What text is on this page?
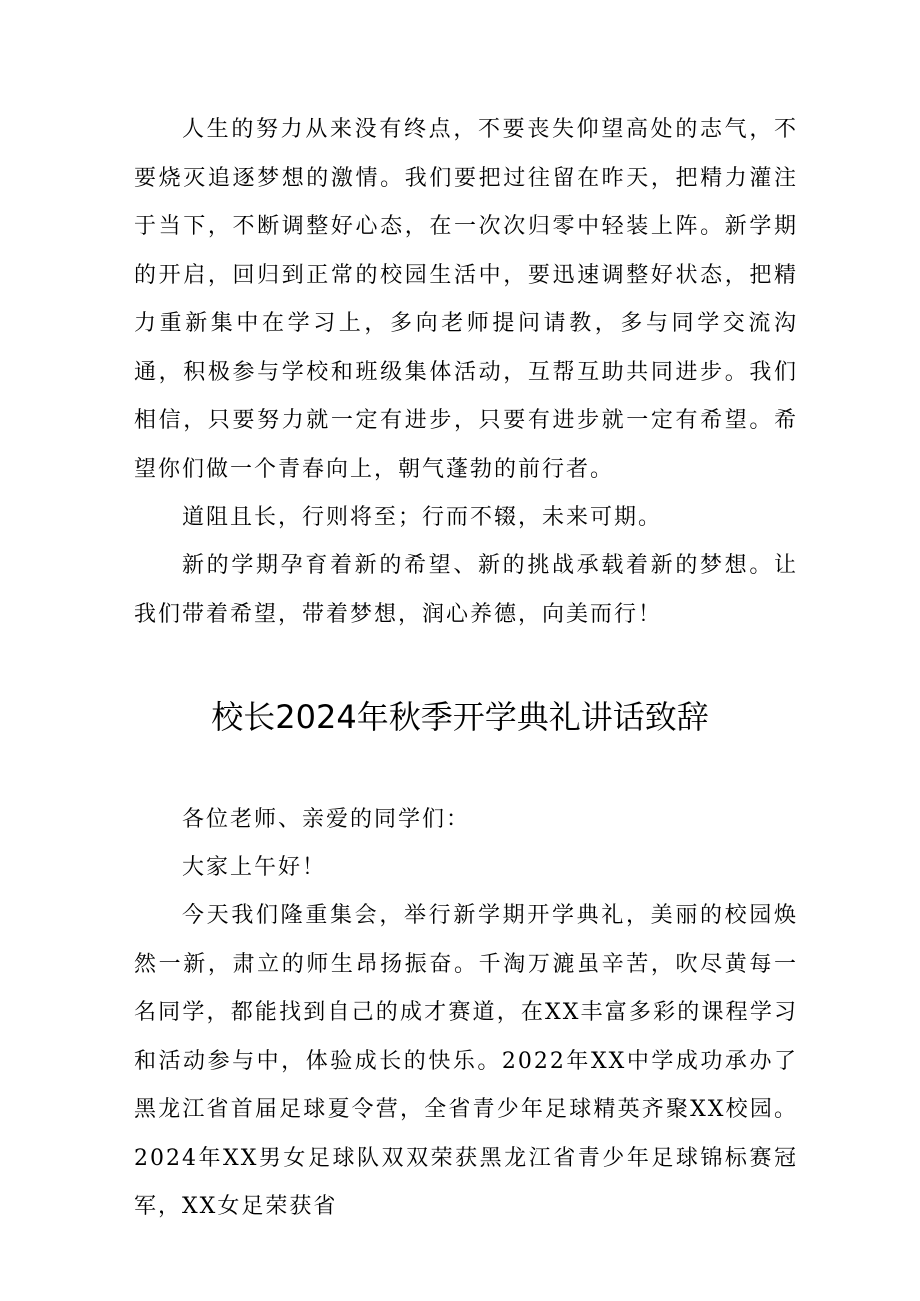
人生的努力从来没有终点，不要丧失仰望高处的志气，不要烧灭追逐梦想的激情。我们要把过往留在昨天，把精力灌注于当下，不断调整好心态，在一次次归零中轻装上阵。新学期的开启，回归到正常的校园生活中，要迅速调整好状态，把精力重新集中在学习上，多向老师提问请教，多与同学交流沟通，积极参与学校和班级集体活动，互帮互助共同进步。我们相信，只要努力就一定有进步，只要有进步就一定有希望。希望你们做一个青春向上，朝气蓬勃的前行者。

道阻且长，行则将至；行而不辍，未来可期。

新的学期孕育着新的希望、新的挑战承载着新的梦想。让我们带着希望，带着梦想，润心养德，向美而行！

校长2024年秋季开学典礼讲话致辞

各位老师、亲爱的同学们：

大家上午好！

今天我们隆重集会，举行新学期开学典礼，美丽的校园焕然一新，肃立的师生昂扬振奋。千淘万漉虽辛苦，吹尽黄每一名同学，都能找到自己的成才赛道，在XX丰富多彩的课程学习和活动参与中，体验成长的快乐。2022年XX中学成功承办了黑龙江省首届足球夏令营，全省青少年足球精英齐聚XX校园。2024年XX男女足球队双双荣获黑龙江省青少年足球锦标赛冠军，XX女足荣获省
